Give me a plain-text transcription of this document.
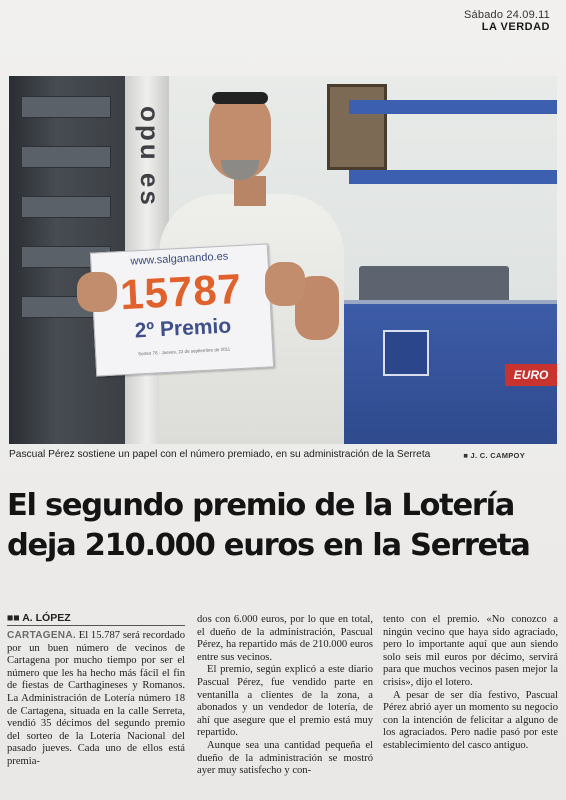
Sábado 24.09.11
LA VERDAD
opu es
EURO
www.salganando.es
15787
2º Premio
Sorteo 76 · Jueves, 22 de septiembre de 2011
Pascual Pérez sostiene un papel con el número premiado, en su administración de la Serreta	■ J. C. CAMPOY
El segundo premio de la Lotería deja 210.000 euros en la Serreta
■■ A. LÓPEZ

CARTAGENA. El 15.787 será recordado por un buen número de vecinos de Cartagena por mucho tiempo por ser el número que les ha hecho más fácil el fin de fiestas de Carthagineses y Romanos. La Administración de Lotería número 18 de Cartagena, situada en la calle Serreta, vendió 35 décimos del segundo premio del sorteo de la Lotería Nacional del pasado jueves. Cada uno de ellos está premia-

dos con 6.000 euros, por lo que en total, el dueño de la administración, Pascual Pérez, ha repartido más de 210.000 euros entre sus vecinos.

El premio, según explicó a este diario Pascual Pérez, fue vendido parte en ventanilla a clientes de la zona, a abonados y un vendedor de lotería, de ahí que asegure que el premio está muy repartido.

Aunque sea una cantidad pequeña el dueño de la administración se mostró ayer muy satisfecho y con-

tento con el premio. «No conozco a ningún vecino que haya sido agraciado, pero lo importante aquí que aun siendo solo seis mil euros por décimo, servirá para que muchos vecinos pasen mejor la crisis», dijo el lotero.

A pesar de ser día festivo, Pascual Pérez abrió ayer un momento su negocio con la intención de felicitar a alguno de los agraciados. Pero nadie pasó por este establecimiento del casco antiguo.
